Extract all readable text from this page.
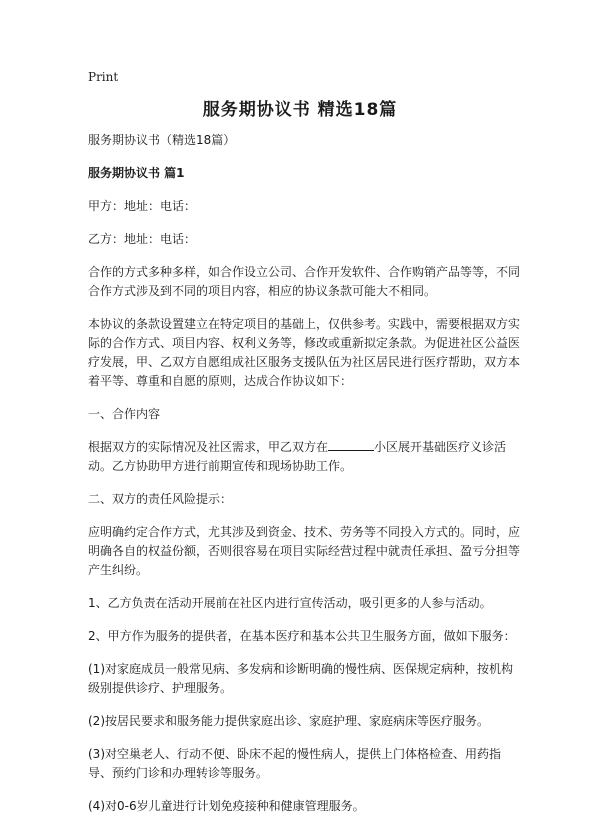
Print
服务期协议书 精选18篇

服务期协议书（精选18篇）

服务期协议书 篇1

甲方：地址：电话：

乙方：地址：电话：

合作的方式多种多样，如合作设立公司、合作开发软件、合作购销产品等等，不同合作方式涉及到不同的项目内容，相应的协议条款可能大不相同。

本协议的条款设置建立在特定项目的基础上，仅供参考。实践中，需要根据双方实际的合作方式、项目内容、权利义务等，修改或重新拟定条款。为促进社区公益医疗发展，甲、乙双方自愿组成社区服务支援队伍为社区居民进行医疗帮助，双方本着平等、尊重和自愿的原则，达成合作协议如下：

一、合作内容

根据双方的实际情况及社区需求，甲乙双方在	小区展开基础医疗义诊活动。乙方协助甲方进行前期宣传和现场协助工作。

二、双方的责任风险提示：

应明确约定合作方式，尤其涉及到资金、技术、劳务等不同投入方式的。同时，应明确各自的权益份额，否则很容易在项目实际经营过程中就责任承担、盈亏分担等产生纠纷。

1、乙方负责在活动开展前在社区内进行宣传活动，吸引更多的人参与活动。

2、甲方作为服务的提供者，在基本医疗和基本公共卫生服务方面，做如下服务：

(1)对家庭成员一般常见病、多发病和诊断明确的慢性病、医保规定病种，按机构级别提供诊疗、护理服务。

(2)按居民要求和服务能力提供家庭出诊、家庭护理、家庭病床等医疗服务。

(3)对空巢老人、行动不便、卧床不起的慢性病人，提供上门体格检查、用药指导、预约门诊和办理转诊等服务。

(4)对0-6岁儿童进行计划免疫接种和健康管理服务。
